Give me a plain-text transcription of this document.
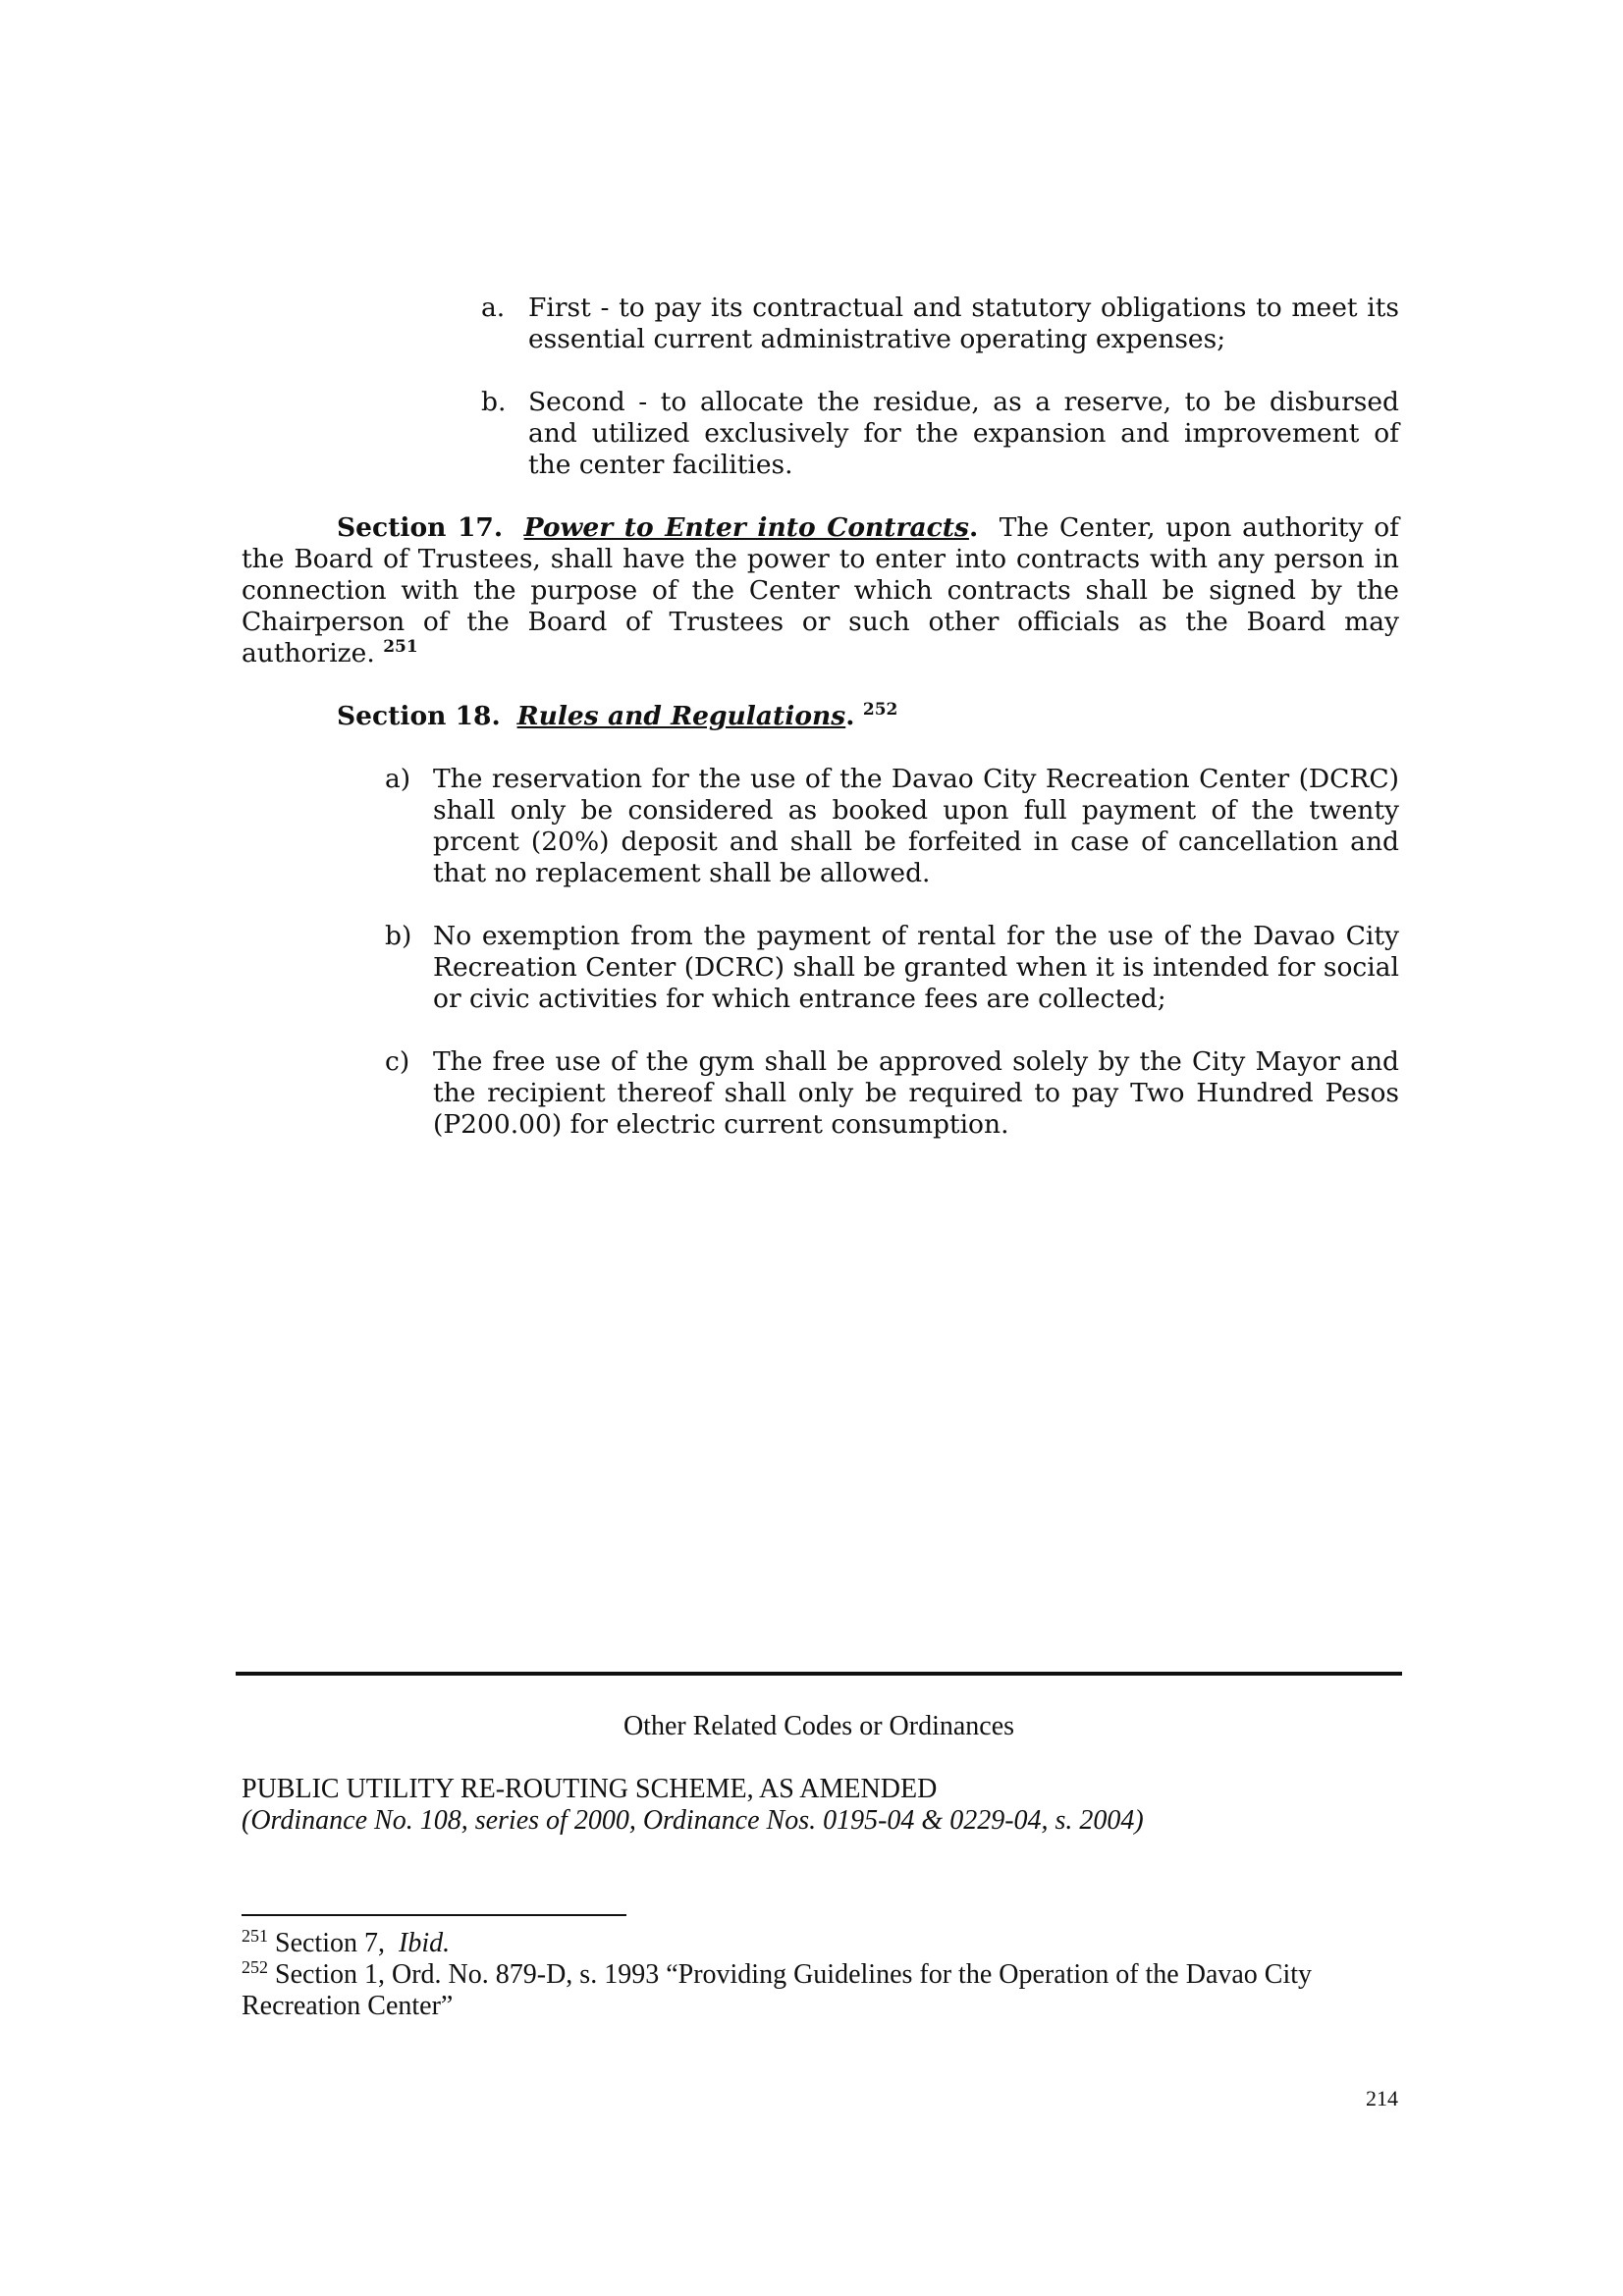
a. First - to pay its contractual and statutory obligations to meet its essential current administrative operating expenses;
b. Second - to allocate the residue, as a reserve, to be disbursed and utilized exclusively for the expansion and improvement of the center facilities.
Section 17. Power to Enter into Contracts. The Center, upon authority of the Board of Trustees, shall have the power to enter into contracts with any person in connection with the purpose of the Center which contracts shall be signed by the Chairperson of the Board of Trustees or such other officials as the Board may authorize. $^{251}$
Section 18. Rules and Regulations. $^{252}$
a) The reservation for the use of the Davao City Recreation Center (DCRC) shall only be considered as booked upon full payment of the twenty prcent (20%) deposit and shall be forfeited in case of cancellation and that no replacement shall be allowed.
b) No exemption from the payment of rental for the use of the Davao City Recreation Center (DCRC) shall be granted when it is intended for social or civic activities for which entrance fees are collected;
c) The free use of the gym shall be approved solely by the City Mayor and the recipient thereof shall only be required to pay Two Hundred Pesos (P200.00) for electric current consumption.
Other Related Codes or Ordinances
PUBLIC UTILITY RE-ROUTING SCHEME, AS AMENDED
(Ordinance No. 108, series of 2000, Ordinance Nos. 0195-04 & 0229-04, s. 2004)
$^{251}$ Section 7,  Ibid.
$^{252}$ Section 1, Ord. No. 879-D, s. 1993 “Providing Guidelines for the Operation of the Davao City Recreation Center”
214
